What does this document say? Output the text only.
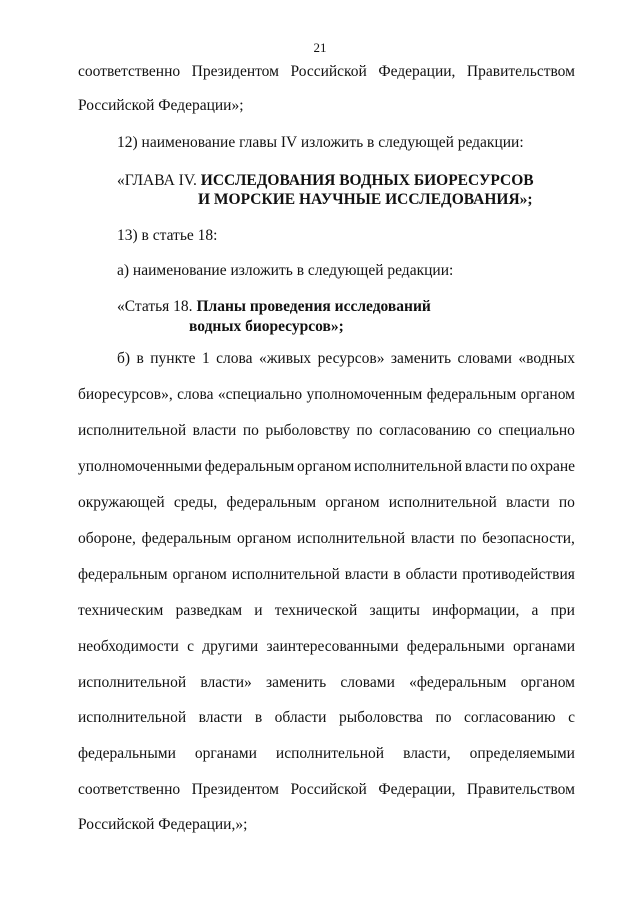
21
соответственно Президентом Российской Федерации, Правительством
Российской Федерации»;
12) наименование главы IV изложить в следующей редакции:
«ГЛАВА IV. ИССЛЕДОВАНИЯ ВОДНЫХ БИОРЕСУРСОВ
И МОРСКИЕ НАУЧНЫЕ ИССЛЕДОВАНИЯ»;
13) в статье 18:
а) наименование изложить в следующей редакции:
«Статья 18. Планы проведения исследований
водных биоресурсов»;
б) в пункте 1 слова «живых ресурсов» заменить словами «водных
биоресурсов», слова «специально уполномоченным федеральным органом
исполнительной власти по рыболовству по согласованию со специально
уполномоченными федеральным органом исполнительной власти по охране
окружающей среды, федеральным органом исполнительной власти по
обороне, федеральным органом исполнительной власти по безопасности,
федеральным органом исполнительной власти в области противодействия
техническим разведкам и технической защиты информации, а при
необходимости с другими заинтересованными федеральными органами
исполнительной власти» заменить словами «федеральным органом
исполнительной власти в области рыболовства по согласованию с
федеральными органами исполнительной власти, определяемыми
соответственно Президентом Российской Федерации, Правительством
Российской Федерации,»;
